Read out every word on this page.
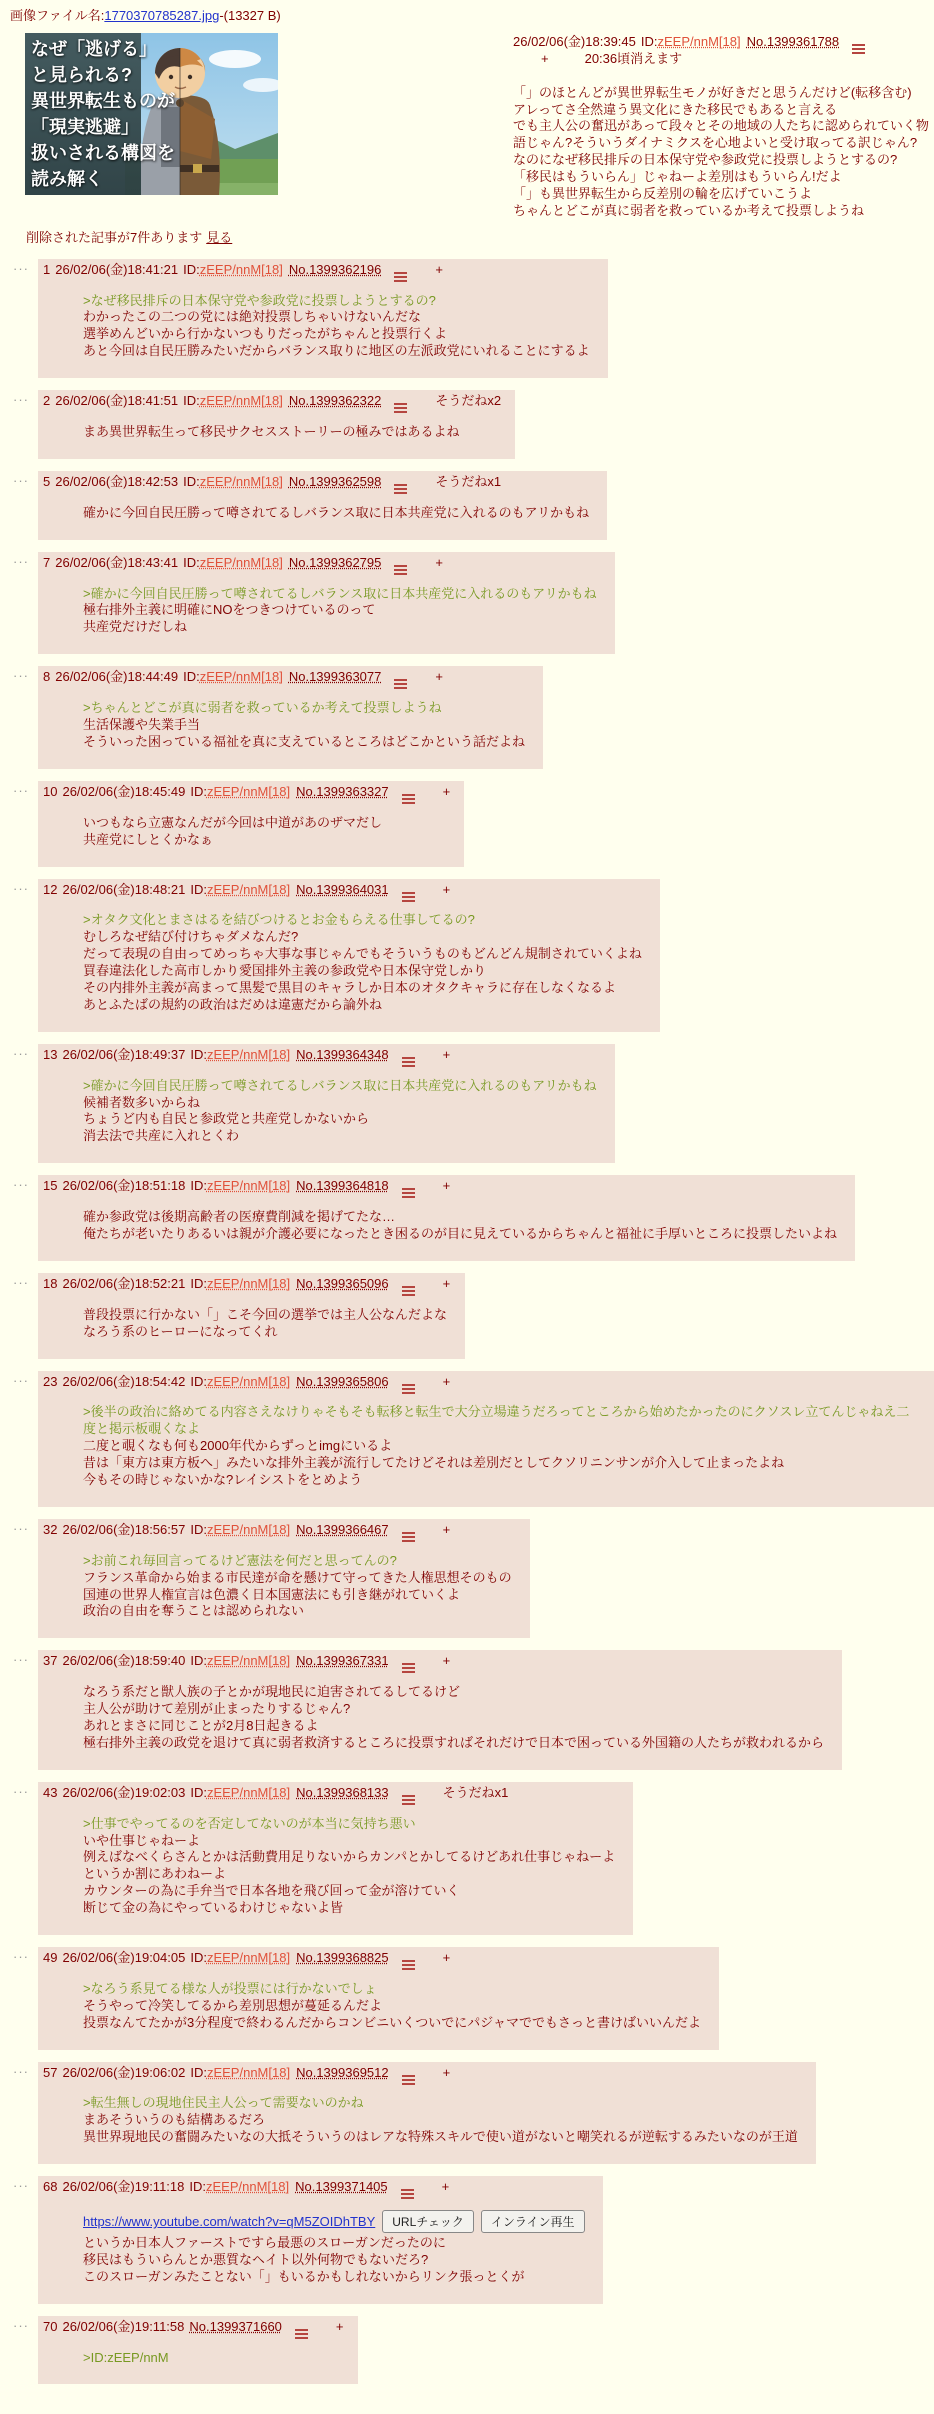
画像ファイル名:1770370785287.jpg-(13327 B)
なぜ「逃げる」
と見られる?
異世界転生ものが
「現実逃避」
扱いされる構図を
読み解く
26/02/06(金)18:39:45 ID:zEEP/nnM[18] No.1399361788+	20:36頃消えます
「」のほとんどが異世界転生モノが好きだと思うんだけど(転移含む)
アレってさ全然違う異文化にきた移民でもあると言える
でも主人公の奮迅があって段々とその地域の人たちに認められていく物語じゃん?そういうダイナミクスを心地よいと受け取ってる訳じゃん?
なのになぜ移民排斥の日本保守党や参政党に投票しようとするの?
「移民はもういらん」じゃねーよ差別はもういらん!だよ
「」も異世界転生から反差別の輪を広げていこうよ
ちゃんとどこが真に弱者を救っているか考えて投票しようね
削除された記事が7件あります 見る
···	1 26/02/06(金)18:41:21 ID:zEEP/nnM[18] No.1399362196	+
>なぜ移民排斥の日本保守党や参政党に投票しようとするの?
わかったこの二つの党には絶対投票しちゃいけないんだな
選挙めんどいから行かないつもりだったがちゃんと投票行くよ
あと今回は自民圧勝みたいだからバランス取りに地区の左派政党にいれることにするよ
···	2 26/02/06(金)18:41:51 ID:zEEP/nnM[18] No.1399362322	そうだねx2
まあ異世界転生って移民サクセスストーリーの極みではあるよね
···	5 26/02/06(金)18:42:53 ID:zEEP/nnM[18] No.1399362598	そうだねx1
確かに今回自民圧勝って噂されてるしバランス取に日本共産党に入れるのもアリかもね
···	7 26/02/06(金)18:43:41 ID:zEEP/nnM[18] No.1399362795	+
>確かに今回自民圧勝って噂されてるしバランス取に日本共産党に入れるのもアリかもね
極右排外主義に明確にNOをつきつけているのって
共産党だけだしね
···	8 26/02/06(金)18:44:49 ID:zEEP/nnM[18] No.1399363077	+
>ちゃんとどこが真に弱者を救っているか考えて投票しようね
生活保護や失業手当
そういった困っている福祉を真に支えているところはどこかという話だよね
···	10 26/02/06(金)18:45:49 ID:zEEP/nnM[18] No.1399363327	+
いつもなら立憲なんだが今回は中道があのザマだし
共産党にしとくかなぁ
···	12 26/02/06(金)18:48:21 ID:zEEP/nnM[18] No.1399364031	+
>オタク文化とまさはるを結びつけるとお金もらえる仕事してるの?
むしろなぜ結び付けちゃダメなんだ?
だって表現の自由ってめっちゃ大事な事じゃんでもそういうものもどんどん規制されていくよね
買春違法化した高市しかり愛国排外主義の参政党や日本保守党しかり
その内排外主義が高まって黒髪で黒目のキャラしか日本のオタクキャラに存在しなくなるよ
あとふたばの規約の政治はだめは違憲だから論外ね
···	13 26/02/06(金)18:49:37 ID:zEEP/nnM[18] No.1399364348	+
>確かに今回自民圧勝って噂されてるしバランス取に日本共産党に入れるのもアリかもね
候補者数多いからね
ちょうど内も自民と参政党と共産党しかないから
消去法で共産に入れとくわ
···	15 26/02/06(金)18:51:18 ID:zEEP/nnM[18] No.1399364818	+
確か参政党は後期高齢者の医療費削減を掲げてたな…
俺たちが老いたりあるいは親が介護必要になったとき困るのが目に見えているからちゃんと福祉に手厚いところに投票したいよね
···	18 26/02/06(金)18:52:21 ID:zEEP/nnM[18] No.1399365096	+
普段投票に行かない「」こそ今回の選挙では主人公なんだよな
なろう系のヒーローになってくれ
···	23 26/02/06(金)18:54:42 ID:zEEP/nnM[18] No.1399365806	+
>後半の政治に絡めてる内容さえなけりゃそもそも転移と転生で大分立場違うだろってところから始めたかったのにクソスレ立てんじゃねえ二度と掲示板覗くなよ
二度と覗くなも何も2000年代からずっとimgにいるよ
昔は「東方は東方板へ」みたいな排外主義が流行してたけどそれは差別だとしてクソリニンサンが介入して止まったよね
今もその時じゃないかな?レイシストをとめよう
···	32 26/02/06(金)18:56:57 ID:zEEP/nnM[18] No.1399366467	+
>お前これ毎回言ってるけど憲法を何だと思ってんの?
フランス革命から始まる市民達が命を懸けて守ってきた人権思想そのもの
国連の世界人権宣言は色濃く日本国憲法にも引き継がれていくよ
政治の自由を奪うことは認められない
···	37 26/02/06(金)18:59:40 ID:zEEP/nnM[18] No.1399367331	+
なろう系だと獣人族の子とかが現地民に迫害されてるしてるけど
主人公が助けて差別が止まったりするじゃん?
あれとまさに同じことが2月8日起きるよ
極右排外主義の政党を退けて真に弱者救済するところに投票すればそれだけで日本で困っている外国籍の人たちが救われるから
···	43 26/02/06(金)19:02:03 ID:zEEP/nnM[18] No.1399368133	そうだねx1
>仕事でやってるのを否定してないのが本当に気持ち悪い
いや仕事じゃねーよ
例えばなべくらさんとかは活動費用足りないからカンパとかしてるけどあれ仕事じゃねーよ
というか割にあわねーよ
カウンターの為に手弁当で日本各地を飛び回って金が溶けていく
断じて金の為にやっているわけじゃないよ皆
···	49 26/02/06(金)19:04:05 ID:zEEP/nnM[18] No.1399368825	+
>なろう系見てる様な人が投票には行かないでしょ
そうやって冷笑してるから差別思想が蔓延るんだよ
投票なんてたかが3分程度で終わるんだからコンビニいくついでにパジャマででもさっと書けばいいんだよ
···	57 26/02/06(金)19:06:02 ID:zEEP/nnM[18] No.1399369512	+
>転生無しの現地住民主人公って需要ないのかね
まあそういうのも結構あるだろ
異世界現地民の奮闘みたいなの大抵そういうのはレアな特殊スキルで使い道がないと嘲笑れるが逆転するみたいなのが王道
···	68 26/02/06(金)19:11:18 ID:zEEP/nnM[18] No.1399371405	+
https://www.youtube.com/watch?v=qM5ZOIDhTBY URLチェック インライン再生
というか日本人ファーストですら最悪のスローガンだったのに
移民はもういらんとか悪質なヘイト以外何物でもないだろ?
このスローガンみたことない「」もいるかもしれないからリンク張っとくが
···	70 26/02/06(金)19:11:58 No.1399371660	+
>ID:zEEP/nnM
